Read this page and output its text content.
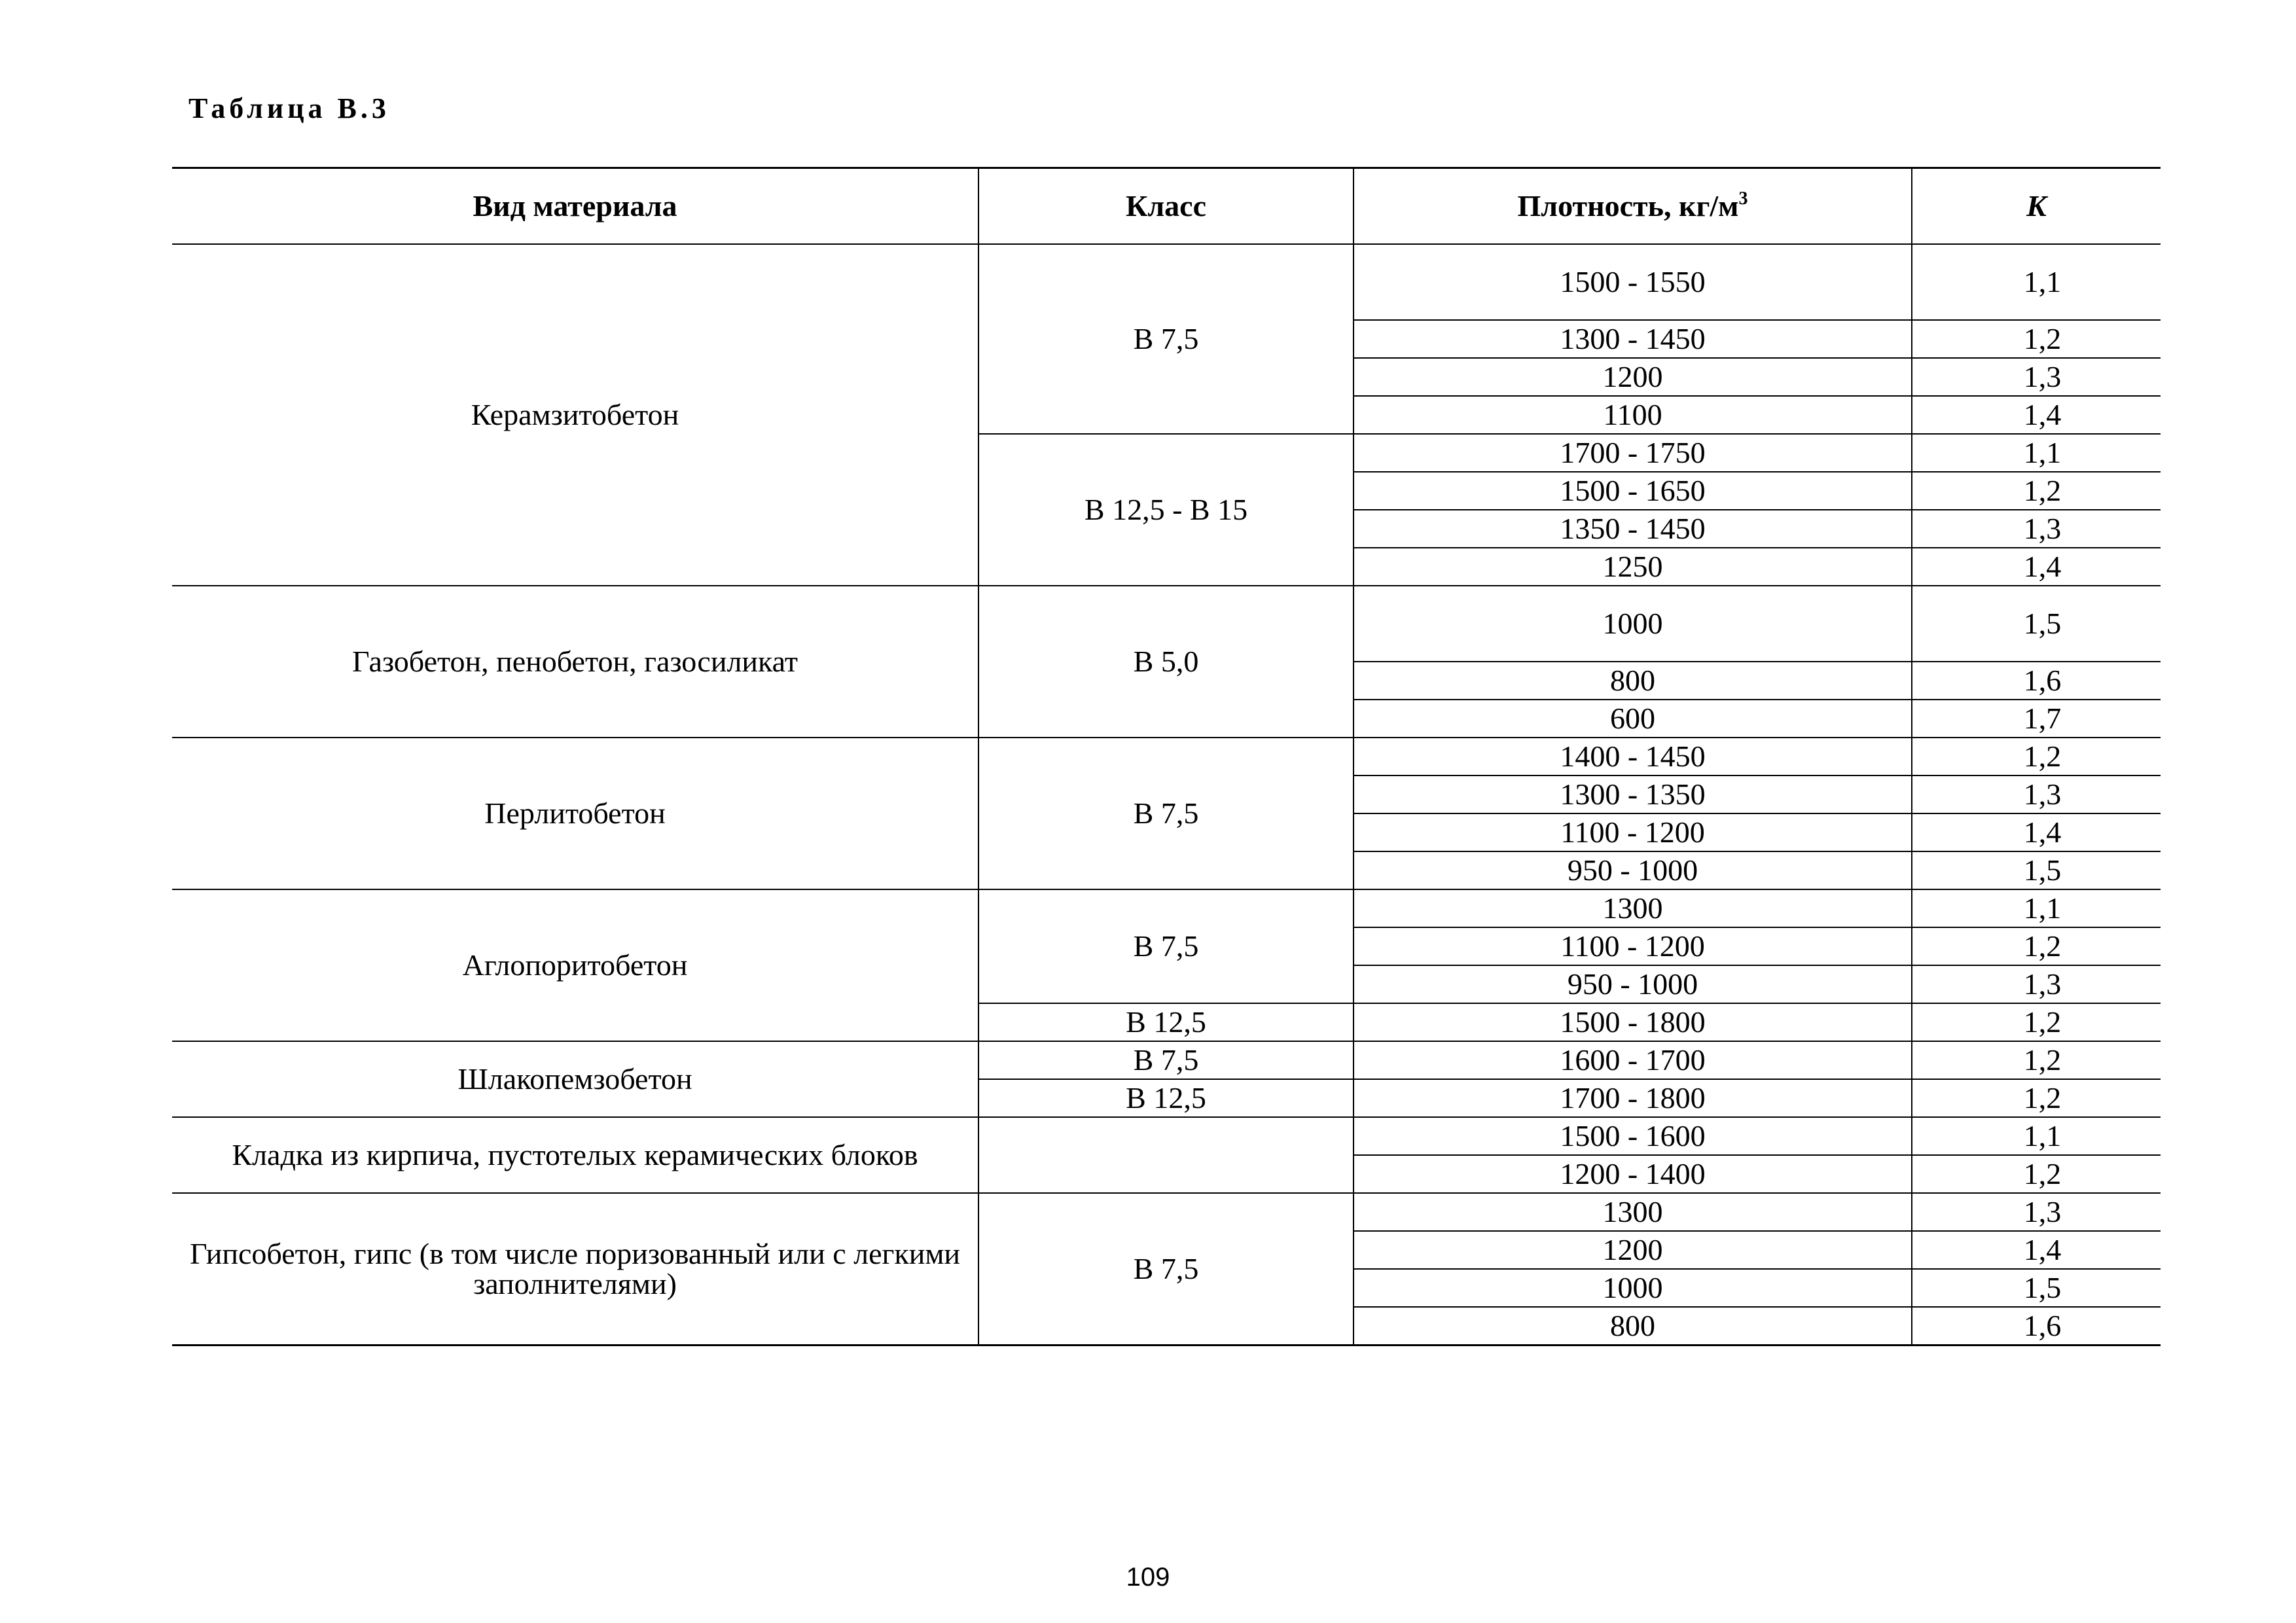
Таблица В.3
Вид материала	Класс	Плотность, $кг/м^3$	K
Керамзитобетон	В 7,5	1500 - 1550	1,1
		1300 - 1450	1,2
		1200	1,3
		1100	1,4
	В 12,5 - В 15	1700 - 1750	1,1
		1500 - 1650	1,2
		1350 - 1450	1,3
		1250	1,4
Газобетон, пенобетон, газосиликат	В 5,0	1000	1,5
		800	1,6
		600	1,7
Перлитобетон	В 7,5	1400 - 1450	1,2
		1300 - 1350	1,3
		1100 - 1200	1,4
		950 - 1000	1,5
Аглопоритобетон	В 7,5	1300	1,1
		1100 - 1200	1,2
		950 - 1000	1,3
	В 12,5	1500 - 1800	1,2
Шлакопемзобетон	В 7,5	1600 - 1700	1,2
	В 12,5	1700 - 1800	1,2
Кладка из кирпича, пустотелых керамических блоков		1500 - 1600	1,1
		1200 - 1400	1,2
Гипсобетон, гипс (в том числе поризованный или с легкими заполнителями)	В 7,5	1300	1,3
		1200	1,4
		1000	1,5
		800	1,6
109
